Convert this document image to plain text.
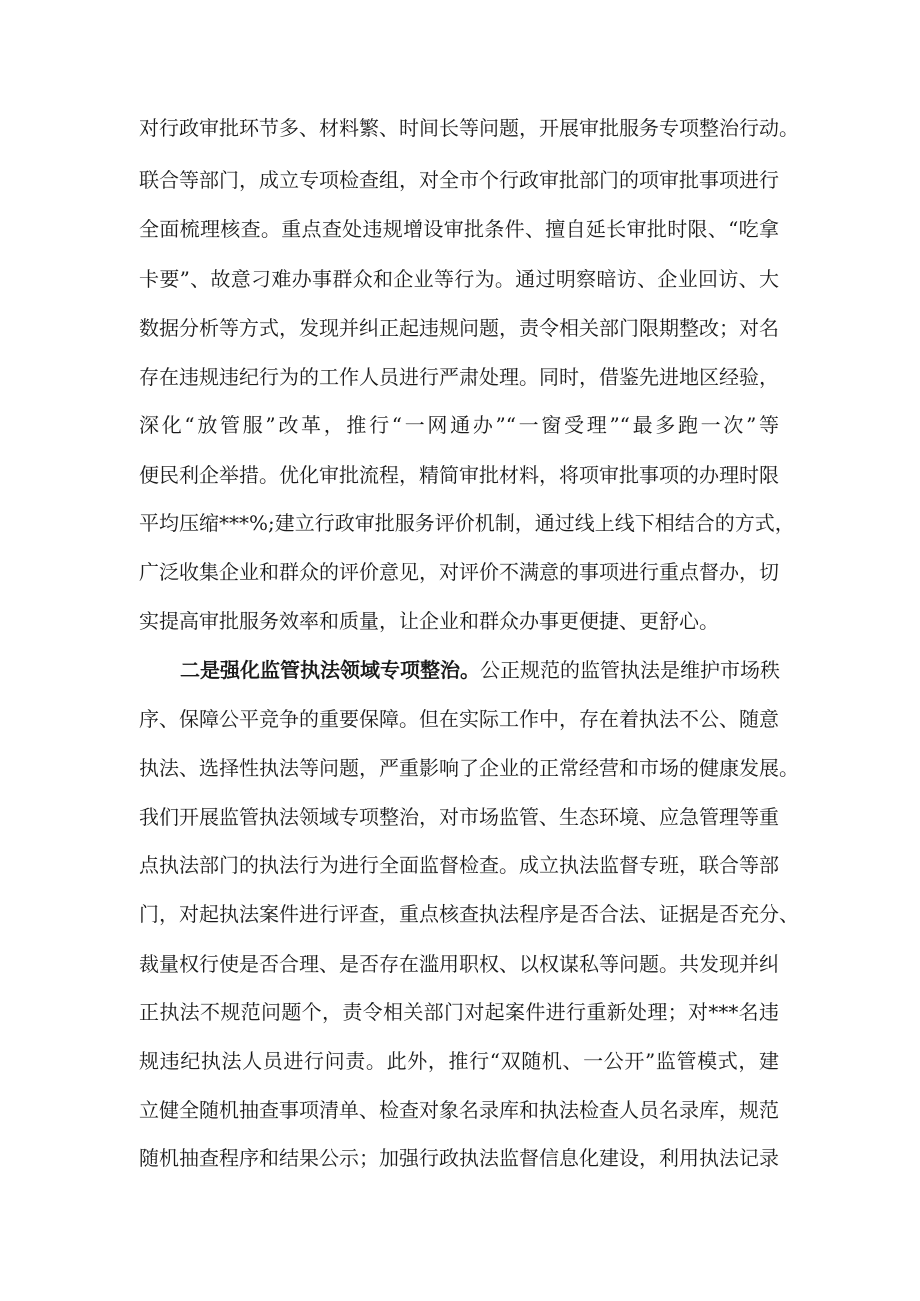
对行政审批环节多、材料繁、时间长等问题，开展审批服务专项整治行动。
联合等部门，成立专项检查组，对全市个行政审批部门的项审批事项进行
全面梳理核查。重点查处违规增设审批条件、擅自延长审批时限、“吃拿
卡要”、故意刁难办事群众和企业等行为。通过明察暗访、企业回访、大
数据分析等方式，发现并纠正起违规问题，责令相关部门限期整改；对名
存在违规违纪行为的工作人员进行严肃处理。同时，借鉴先进地区经验，
深化“放管服”改革，推行“一网通办”“一窗受理”“最多跑一次”等
便民利企举措。优化审批流程，精简审批材料，将项审批事项的办理时限
平均压缩***%;建立行政审批服务评价机制，通过线上线下相结合的方式，
广泛收集企业和群众的评价意见，对评价不满意的事项进行重点督办，切
实提高审批服务效率和质量，让企业和群众办事更便捷、更舒心。
二是强化监管执法领域专项整治。公正规范的监管执法是维护市场秩
序、保障公平竞争的重要保障。但在实际工作中，存在着执法不公、随意
执法、选择性执法等问题，严重影响了企业的正常经营和市场的健康发展。
我们开展监管执法领域专项整治，对市场监管、生态环境、应急管理等重
点执法部门的执法行为进行全面监督检查。成立执法监督专班，联合等部
门，对起执法案件进行评查，重点核查执法程序是否合法、证据是否充分、
裁量权行使是否合理、是否存在滥用职权、以权谋私等问题。共发现并纠
正执法不规范问题个，责令相关部门对起案件进行重新处理；对***名违
规违纪执法人员进行问责。此外，推行“双随机、一公开”监管模式，建
立健全随机抽查事项清单、检查对象名录库和执法检查人员名录库，规范
随机抽查程序和结果公示；加强行政执法监督信息化建设，利用执法记录
